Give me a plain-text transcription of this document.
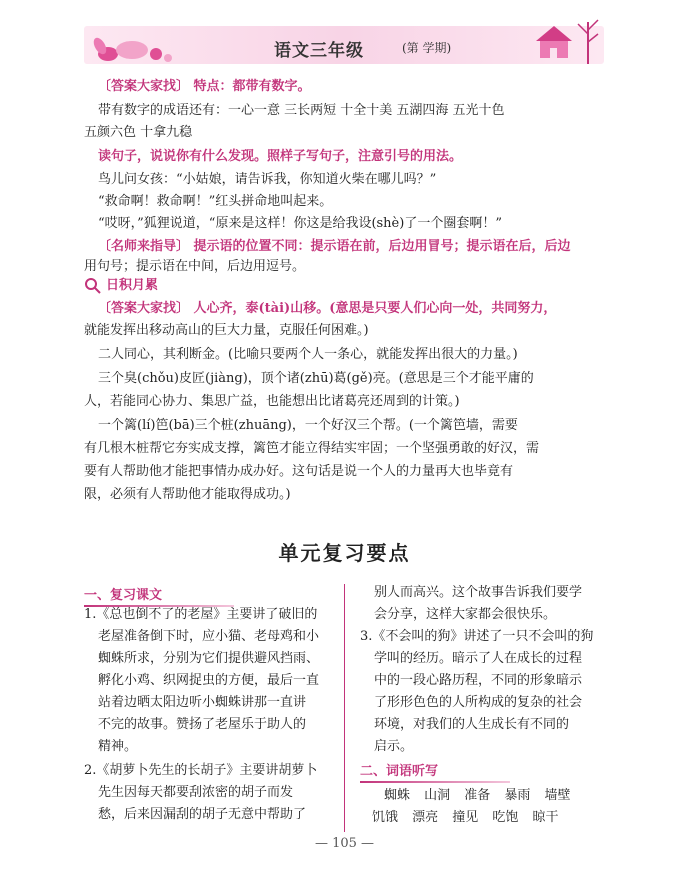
语文三年级	(第 学期)
〔答案大家找〕 特点：都带有数字。
带有数字的成语还有：一心一意 三长两短 十全十美 五湖四海 五光十色
五颜六色 十拿九稳
读句子，说说你有什么发现。照样子写句子，注意引号的用法。
鸟儿问女孩：“小姑娘，请告诉我，你知道火柴在哪儿吗？”
“救命啊！救命啊！”红头拼命地叫起来。
“哎呀，”狐狸说道，“原来是这样！你这是给我设(shè)了一个圈套啊！”
〔名师来指导〕 提示语的位置不同：提示语在前，后边用冒号；提示语在后，后边
用句号；提示语在中间，后边用逗号。
日积月累
〔答案大家找〕 人心齐，泰(tài)山移。(意思是只要人们心向一处，共同努力，
就能发挥出移动高山的巨大力量，克服任何困难。)
二人同心，其利断金。(比喻只要两个人一条心，就能发挥出很大的力量。)
三个臭(chǒu)皮匠(jiàng)，顶个诸(zhū)葛(gě)亮。(意思是三个才能平庸的
人，若能同心协力、集思广益，也能想出比诸葛亮还周到的计策。)
一个篱(lí)笆(bā)三个桩(zhuāng)，一个好汉三个帮。(一个篱笆墙，需要
有几根木桩帮它夯实成支撑，篱笆才能立得结实牢固；一个坚强勇敢的好汉，需
要有人帮助他才能把事情办成办好。这句话是说一个人的力量再大也毕竟有
限，必须有人帮助他才能取得成功。)
单元复习要点
一、复习课文
1.《总也倒不了的老屋》主要讲了破旧的
老屋准备倒下时，应小猫、老母鸡和小
蜘蛛所求，分别为它们提供避风挡雨、
孵化小鸡、织网捉虫的方便，最后一直
站着边晒太阳边听小蜘蛛讲那一直讲
不完的故事。赞扬了老屋乐于助人的
精神。
2.《胡萝卜先生的长胡子》主要讲胡萝卜
先生因每天都要刮浓密的胡子而发
愁，后来因漏刮的胡子无意中帮助了
别人而高兴。这个故事告诉我们要学
会分享，这样大家都会很快乐。
3.《不会叫的狗》讲述了一只不会叫的狗
学叫的经历。暗示了人在成长的过程
中的一段心路历程，不同的形象暗示
了形形色色的人所构成的复杂的社会
环境，对我们的人生成长有不同的
启示。
二、词语听写
蜘蛛 山洞 准备 暴雨 墙壁
饥饿 漂亮 撞见 吃饱 晾干
— 105 —
